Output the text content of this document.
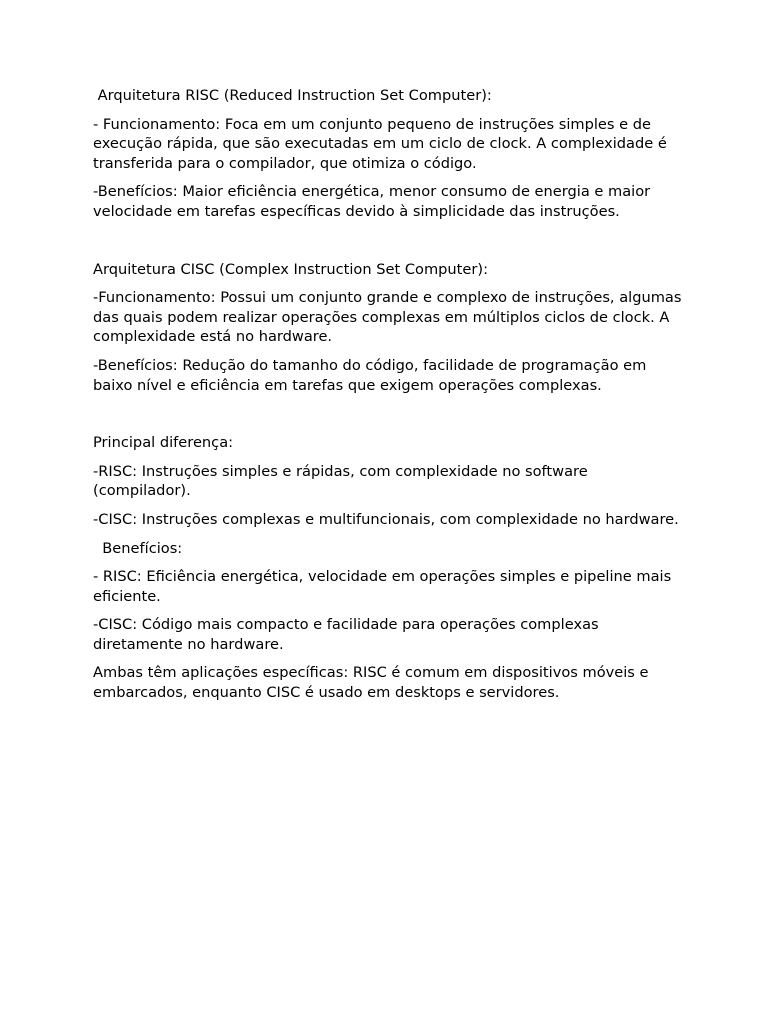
Arquitetura RISC (Reduced Instruction Set Computer):

- Funcionamento: Foca em um conjunto pequeno de instruções simples e de execução rápida, que são executadas em um ciclo de clock. A complexidade é transferida para o compilador, que otimiza o código.

-Benefícios: Maior eficiência energética, menor consumo de energia e maior velocidade em tarefas específicas devido à simplicidade das instruções.

Arquitetura CISC (Complex Instruction Set Computer):

-Funcionamento: Possui um conjunto grande e complexo de instruções, algumas das quais podem realizar operações complexas em múltiplos ciclos de clock. A complexidade está no hardware.

-Benefícios: Redução do tamanho do código, facilidade de programação em baixo nível e eficiência em tarefas que exigem operações complexas.

Principal diferença:

-RISC: Instruções simples e rápidas, com complexidade no software (compilador).

-CISC: Instruções complexas e multifuncionais, com complexidade no hardware.

Benefícios:

- RISC: Eficiência energética, velocidade em operações simples e pipeline mais eficiente.

-CISC: Código mais compacto e facilidade para operações complexas diretamente no hardware.

Ambas têm aplicações específicas: RISC é comum em dispositivos móveis e embarcados, enquanto CISC é usado em desktops e servidores.
